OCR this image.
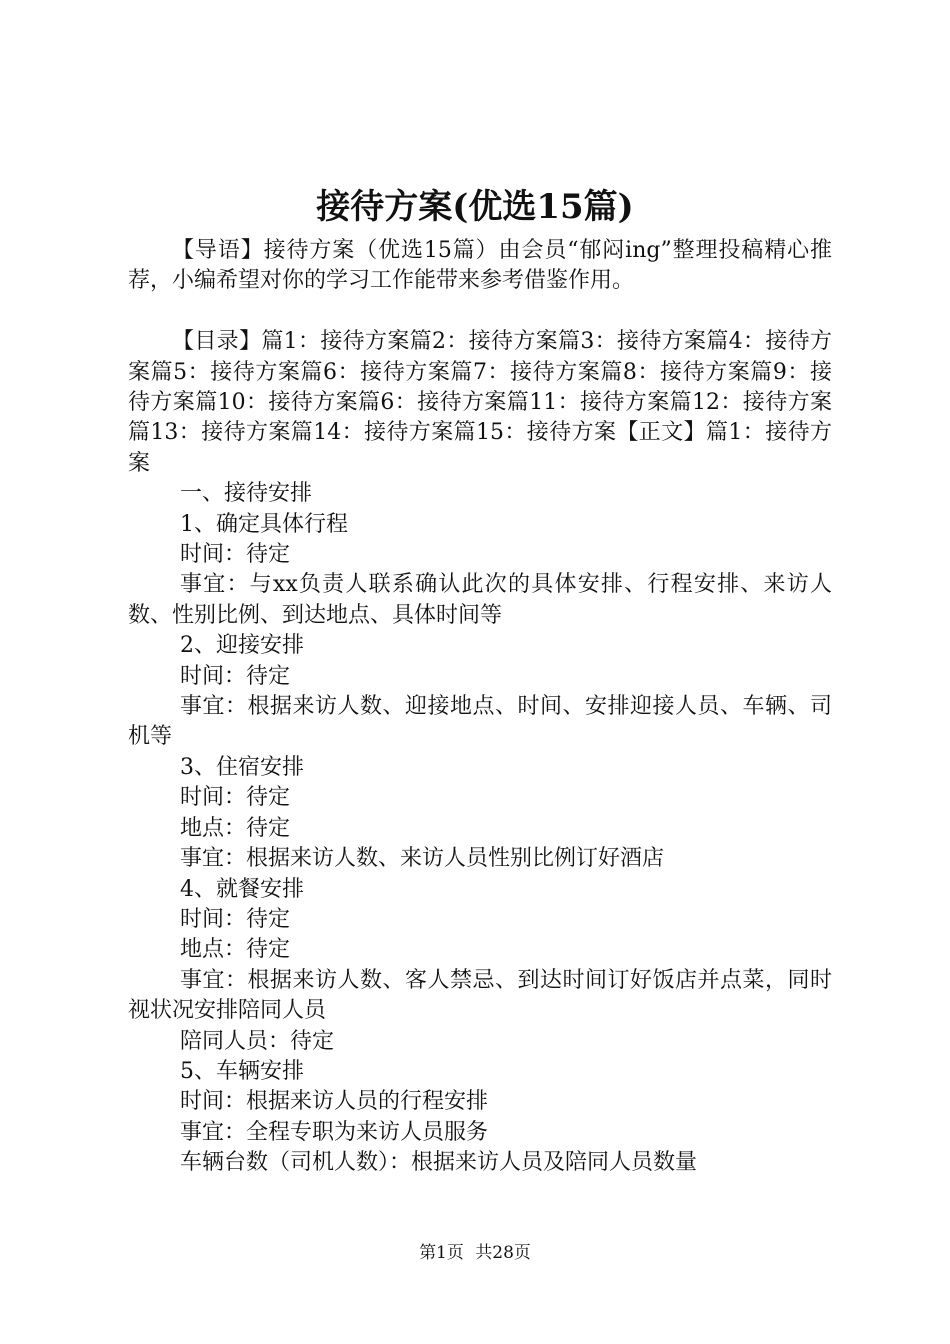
接待方案(优选15篇)

【导语】接待方案（优选15篇）由会员“郁闷ing”整理投稿精心推荐，小编希望对你的学习工作能带来参考借鉴作用。

【目录】篇1：接待方案篇2：接待方案篇3：接待方案篇4：接待方案篇5：接待方案篇6：接待方案篇7：接待方案篇8：接待方案篇9：接待方案篇10：接待方案篇6：接待方案篇11：接待方案篇12：接待方案篇13：接待方案篇14：接待方案篇15：接待方案【正文】篇1：接待方案

一、接待安排

1、确定具体行程

时间：待定

事宜：与xx负责人联系确认此次的具体安排、行程安排、来访人数、性别比例、到达地点、具体时间等

2、迎接安排

时间：待定

事宜：根据来访人数、迎接地点、时间、安排迎接人员、车辆、司机等

3、住宿安排

时间：待定

地点：待定

事宜：根据来访人数、来访人员性别比例订好酒店

4、就餐安排

时间：待定

地点：待定

事宜：根据来访人数、客人禁忌、到达时间订好饭店并点菜，同时视状况安排陪同人员

陪同人员：待定

5、车辆安排

时间：根据来访人员的行程安排

事宜：全程专职为来访人员服务

车辆台数（司机人数）：根据来访人员及陪同人员数量

第1页 共28页
